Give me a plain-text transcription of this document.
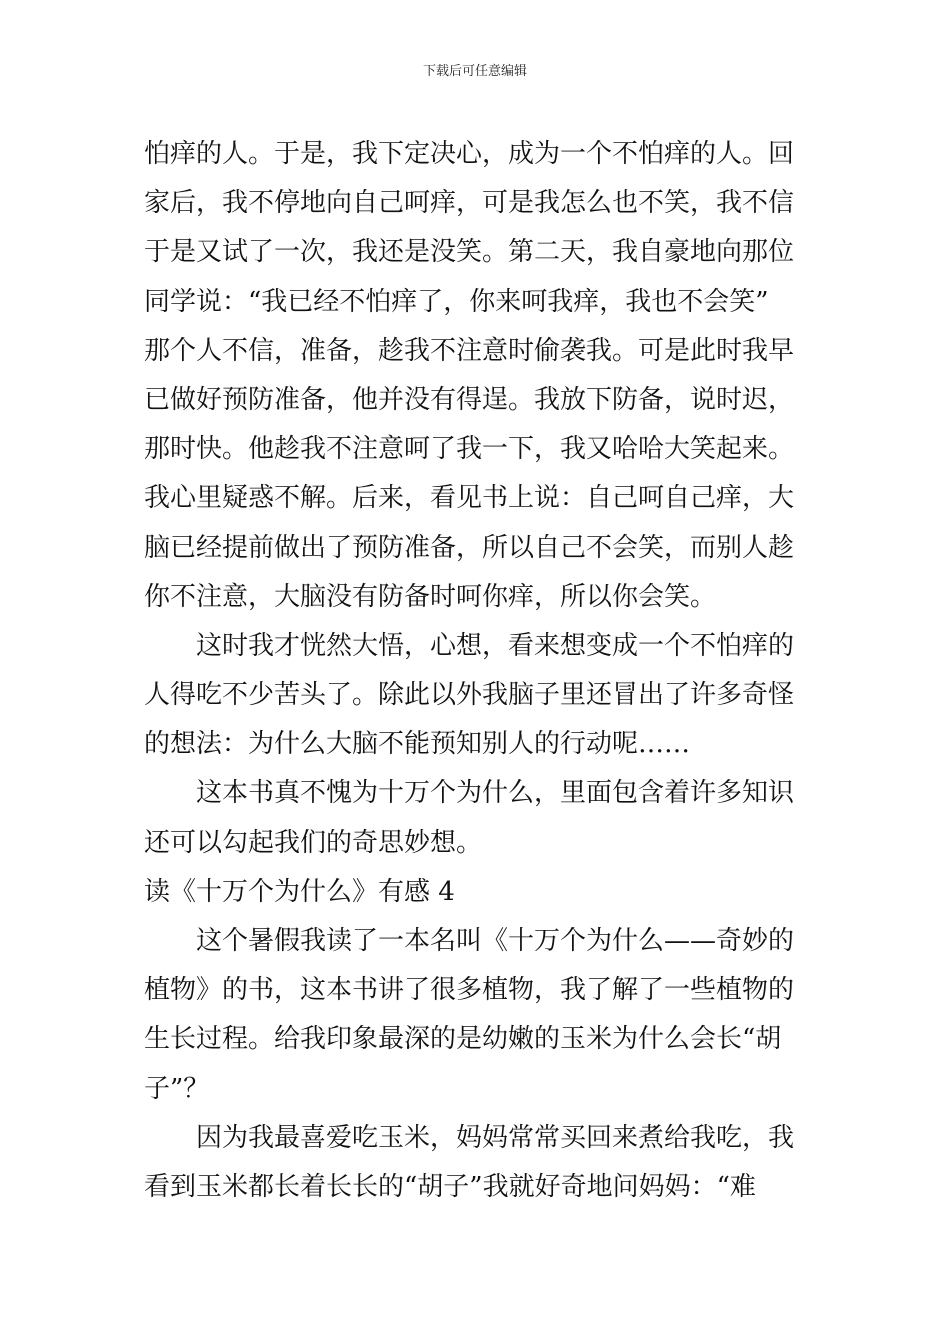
下载后可任意编辑
怕痒的人。于是，我下定决心，成为一个不怕痒的人。回
家后，我不停地向自己呵痒，可是我怎么也不笑，我不信
于是又试了一次，我还是没笑。第二天，我自豪地向那位
同学说：“我已经不怕痒了，你来呵我痒，我也不会笑”
那个人不信，准备，趁我不注意时偷袭我。可是此时我早
已做好预防准备，他并没有得逞。我放下防备，说时迟，
那时快。他趁我不注意呵了我一下，我又哈哈大笑起来。
我心里疑惑不解。后来，看见书上说：自己呵自己痒，大
脑已经提前做出了预防准备，所以自己不会笑，而别人趁
你不注意，大脑没有防备时呵你痒，所以你会笑。
这时我才恍然大悟，心想，看来想变成一个不怕痒的
人得吃不少苦头了。除此以外我脑子里还冒出了许多奇怪
的想法：为什么大脑不能预知别人的行动呢……
这本书真不愧为十万个为什么，里面包含着许多知识
还可以勾起我们的奇思妙想。
读《十万个为什么》有感 4
这个暑假我读了一本名叫《十万个为什么——奇妙的
植物》的书，这本书讲了很多植物，我了解了一些植物的
生长过程。给我印象最深的是幼嫩的玉米为什么会长“胡
子”？
因为我最喜爱吃玉米，妈妈常常买回来煮给我吃，我
看到玉米都长着长长的“胡子”我就好奇地问妈妈：“难
